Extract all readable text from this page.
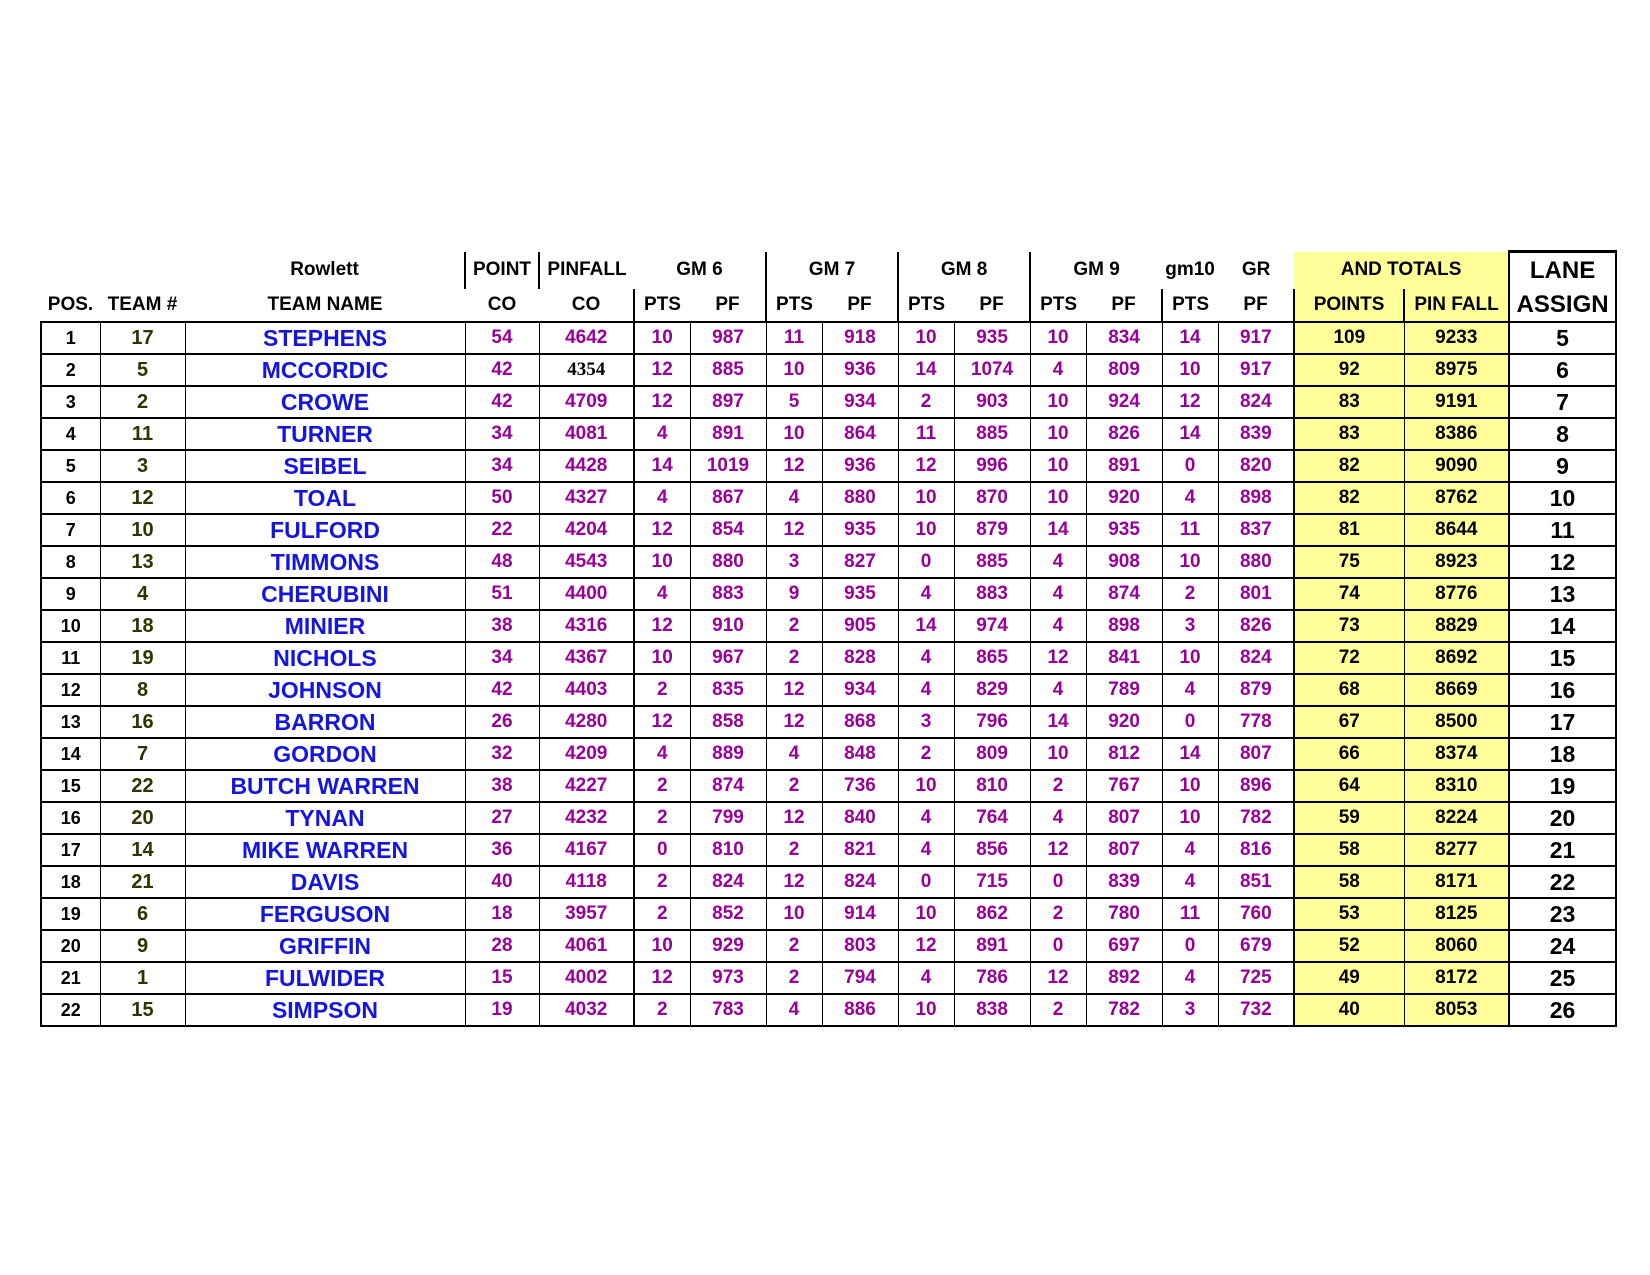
		Rowlett	POINT	PINFALL	GM 6		GM 7		GM 8		GM 9		gm10	GR	AND TOTALS		LANE
POS.	TEAM #	TEAM NAME	CO	CO	PTS	PF	PTS	PF	PTS	PF	PTS	PF	PTS	PF	POINTS	PIN FALL	ASSIGN
1	17	STEPHENS	54	4642	10	987	11	918	10	935	10	834	14	917	109	9233	5
2	5	MCCORDIC	42	4354	12	885	10	936	14	1074	4	809	10	917	92	8975	6
3	2	CROWE	42	4709	12	897	5	934	2	903	10	924	12	824	83	9191	7
4	11	TURNER	34	4081	4	891	10	864	11	885	10	826	14	839	83	8386	8
5	3	SEIBEL	34	4428	14	1019	12	936	12	996	10	891	0	820	82	9090	9
6	12	TOAL	50	4327	4	867	4	880	10	870	10	920	4	898	82	8762	10
7	10	FULFORD	22	4204	12	854	12	935	10	879	14	935	11	837	81	8644	11
8	13	TIMMONS	48	4543	10	880	3	827	0	885	4	908	10	880	75	8923	12
9	4	CHERUBINI	51	4400	4	883	9	935	4	883	4	874	2	801	74	8776	13
10	18	MINIER	38	4316	12	910	2	905	14	974	4	898	3	826	73	8829	14
11	19	NICHOLS	34	4367	10	967	2	828	4	865	12	841	10	824	72	8692	15
12	8	JOHNSON	42	4403	2	835	12	934	4	829	4	789	4	879	68	8669	16
13	16	BARRON	26	4280	12	858	12	868	3	796	14	920	0	778	67	8500	17
14	7	GORDON	32	4209	4	889	4	848	2	809	10	812	14	807	66	8374	18
15	22	BUTCH WARREN	38	4227	2	874	2	736	10	810	2	767	10	896	64	8310	19
16	20	TYNAN	27	4232	2	799	12	840	4	764	4	807	10	782	59	8224	20
17	14	MIKE WARREN	36	4167	0	810	2	821	4	856	12	807	4	816	58	8277	21
18	21	DAVIS	40	4118	2	824	12	824	0	715	0	839	4	851	58	8171	22
19	6	FERGUSON	18	3957	2	852	10	914	10	862	2	780	11	760	53	8125	23
20	9	GRIFFIN	28	4061	10	929	2	803	12	891	0	697	0	679	52	8060	24
21	1	FULWIDER	15	4002	12	973	2	794	4	786	12	892	4	725	49	8172	25
22	15	SIMPSON	19	4032	2	783	4	886	10	838	2	782	3	732	40	8053	26
